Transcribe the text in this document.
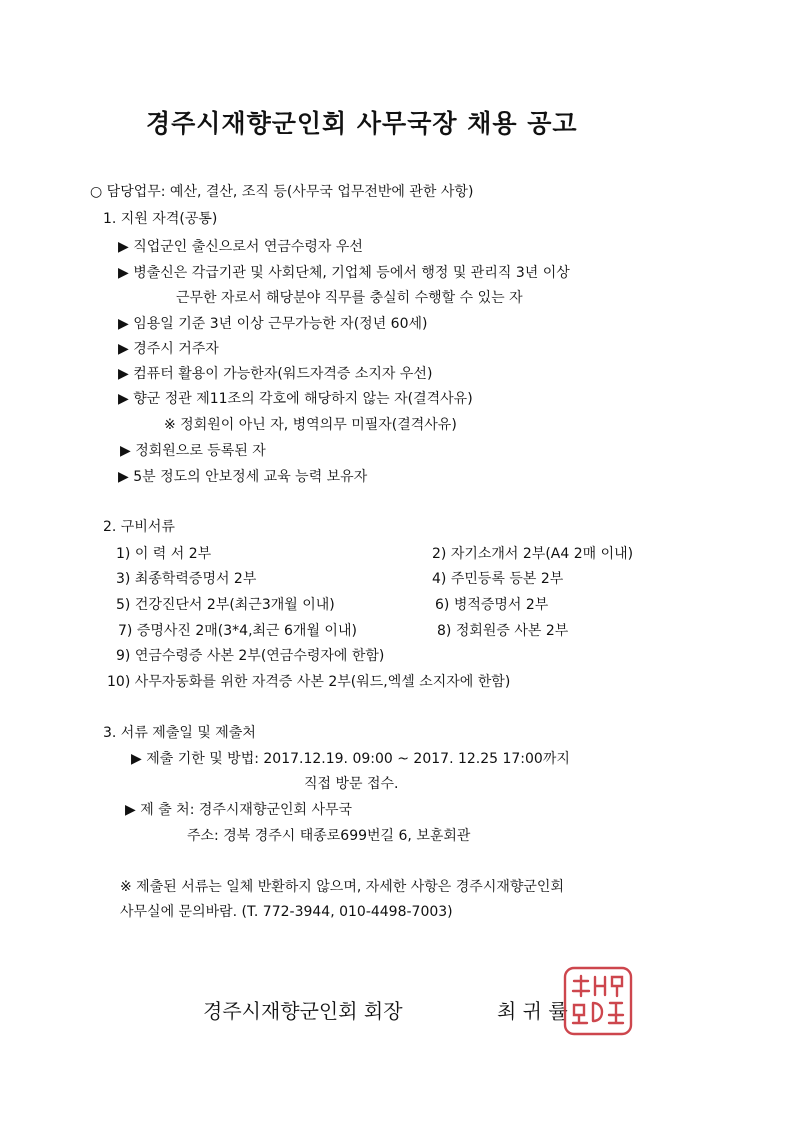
경주시재향군인회 사무국장 채용 공고
○ 담당업무: 예산, 결산, 조직 등(사무국 업무전반에 관한 사항)
1. 지원 자격(공통)
▶ 직업군인 출신으로서 연금수령자 우선
▶ 병출신은 각급기관 및 사회단체, 기업체 등에서 행정 및 관리직 3년 이상
근무한 자로서 해당분야 직무를 충실히 수행할 수 있는 자
▶ 임용일 기준 3년 이상 근무가능한 자(정년 60세)
▶ 경주시 거주자
▶ 컴퓨터 활용이 가능한자(워드자격증 소지자 우선)
▶ 향군 정관 제11조의 각호에 해당하지 않는 자(결격사유)
※ 정회원이 아닌 자, 병역의무 미필자(결격사유)
▶ 정회원으로 등록된 자
▶ 5분 정도의 안보정세 교육 능력 보유자
2. 구비서류
1) 이 력 서 2부	2) 자기소개서 2부(A4 2매 이내)
3) 최종학력증명서 2부	4) 주민등록 등본 2부
5) 건강진단서 2부(최근3개월 이내)	6) 병적증명서 2부
7) 증명사진 2매(3*4,최근 6개월 이내)	8) 정회원증 사본 2부
9) 연금수령증 사본 2부(연금수령자에 한함)
10) 사무자동화를 위한 자격증 사본 2부(워드,엑셀 소지자에 한함)
3. 서류 제출일 및 제출처
▶ 제출 기한 및 방법: 2017.12.19. 09:00 ~ 2017. 12.25 17:00까지
직접 방문 접수.
▶ 제 출 처: 경주시재향군인회 사무국
주소: 경북 경주시 태종로699번길 6, 보훈회관
※ 제출된 서류는 일체 반환하지 않으며, 자세한 사항은 경주시재향군인회
사무실에 문의바람. (T. 772-3944, 010-4498-7003)
경주시재향군인회 회장	최 귀 률
